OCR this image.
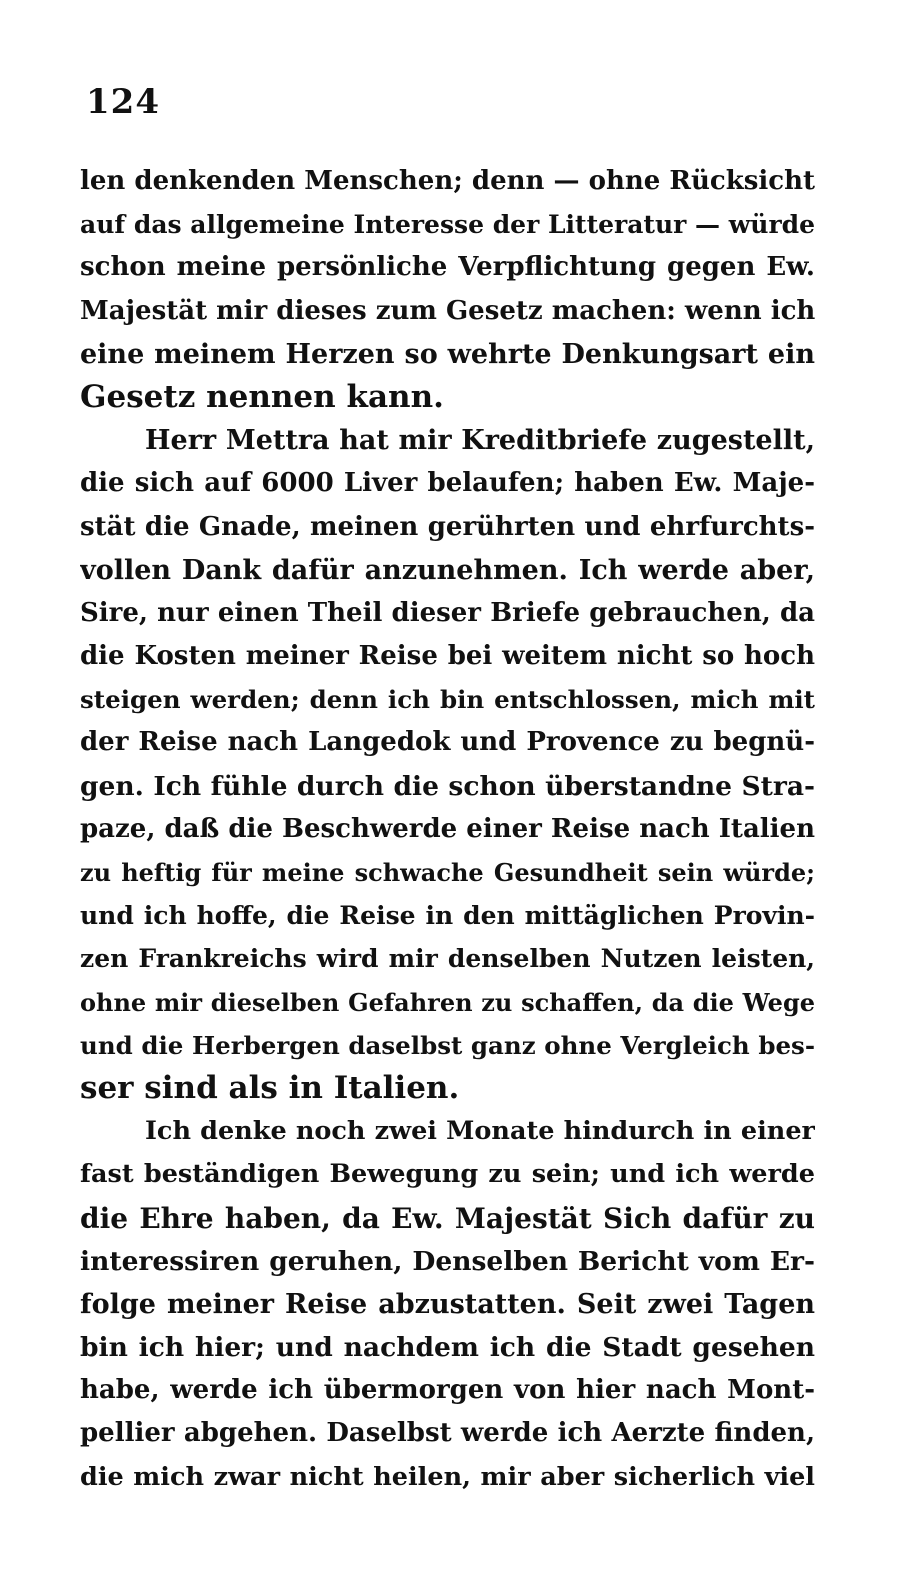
124
len denkenden Menschen; denn — ohne Rücksicht
auf das allgemeine Interesse der Litteratur — würde
schon meine persönliche Verpflichtung gegen Ew.
Majestät mir dieses zum Gesetz machen: wenn ich
eine meinem Herzen so wehrte Denkungsart ein
Gesetz nennen kann.
Herr Mettra hat mir Kreditbriefe zugestellt,
die sich auf 6000 Liver belaufen; haben Ew. Maje-
stät die Gnade, meinen gerührten und ehrfurchts-
vollen Dank dafür anzunehmen. Ich werde aber,
Sire, nur einen Theil dieser Briefe gebrauchen, da
die Kosten meiner Reise bei weitem nicht so hoch
steigen werden; denn ich bin entschlossen, mich mit
der Reise nach Langedok und Provence zu begnü-
gen. Ich fühle durch die schon überstandne Stra-
paze, daß die Beschwerde einer Reise nach Italien
zu heftig für meine schwache Gesundheit sein würde;
und ich hoffe, die Reise in den mittäglichen Provin-
zen Frankreichs wird mir denselben Nutzen leisten,
ohne mir dieselben Gefahren zu schaffen, da die Wege
und die Herbergen daselbst ganz ohne Vergleich bes-
ser sind als in Italien.
Ich denke noch zwei Monate hindurch in einer
fast beständigen Bewegung zu sein; und ich werde
die Ehre haben, da Ew. Majestät Sich dafür zu
interessiren geruhen, Denselben Bericht vom Er-
folge meiner Reise abzustatten. Seit zwei Tagen
bin ich hier; und nachdem ich die Stadt gesehen
habe, werde ich übermorgen von hier nach Mont-
pellier abgehen. Daselbst werde ich Aerzte finden,
die mich zwar nicht heilen, mir aber sicherlich viel
